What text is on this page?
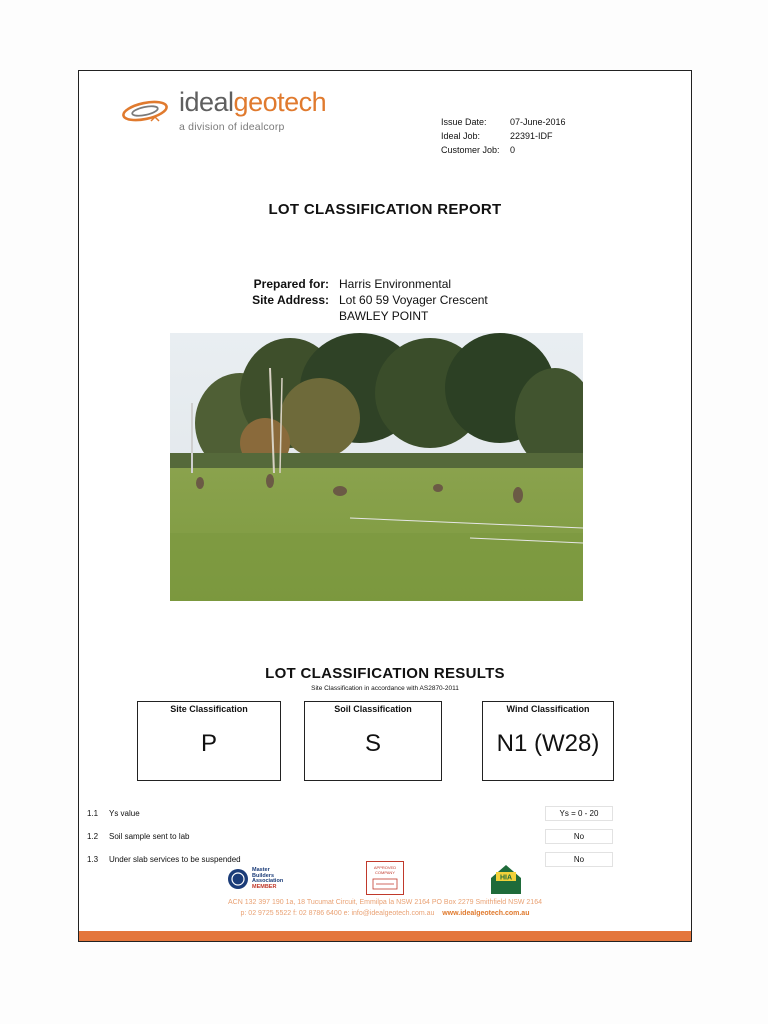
idealgeotech
a division of idealcorp	Issue Date:	07-June-2016
Ideal Job:	22391-IDF
Customer Job:	0
LOT CLASSIFICATION REPORT
Prepared for: Harris Environmental
Site Address: Lot 60 59 Voyager Crescent
BAWLEY POINT
LOT CLASSIFICATION RESULTS
Site Classification in accordance with AS2870-2011
Site Classification
P
Soil Classification
S
Wind Classification
N1 (W28)
1.1	Ys value	Ys = 0 - 20
1.2	Soil sample sent to lab	No
1.3	Under slab services to be suspended	No
Master
Builders
Association
MEMBER
APPROVED COMPANY
HIA
ACN 132 397 190 1a, 18 Tucumat Circuit, Emmilpa la NSW 2164 PO Box 2279 Smithfield NSW 2164
p: 02 9725 5522 f: 02 8786 6400 e: info@idealgeotech.com.au www.idealgeotech.com.au
